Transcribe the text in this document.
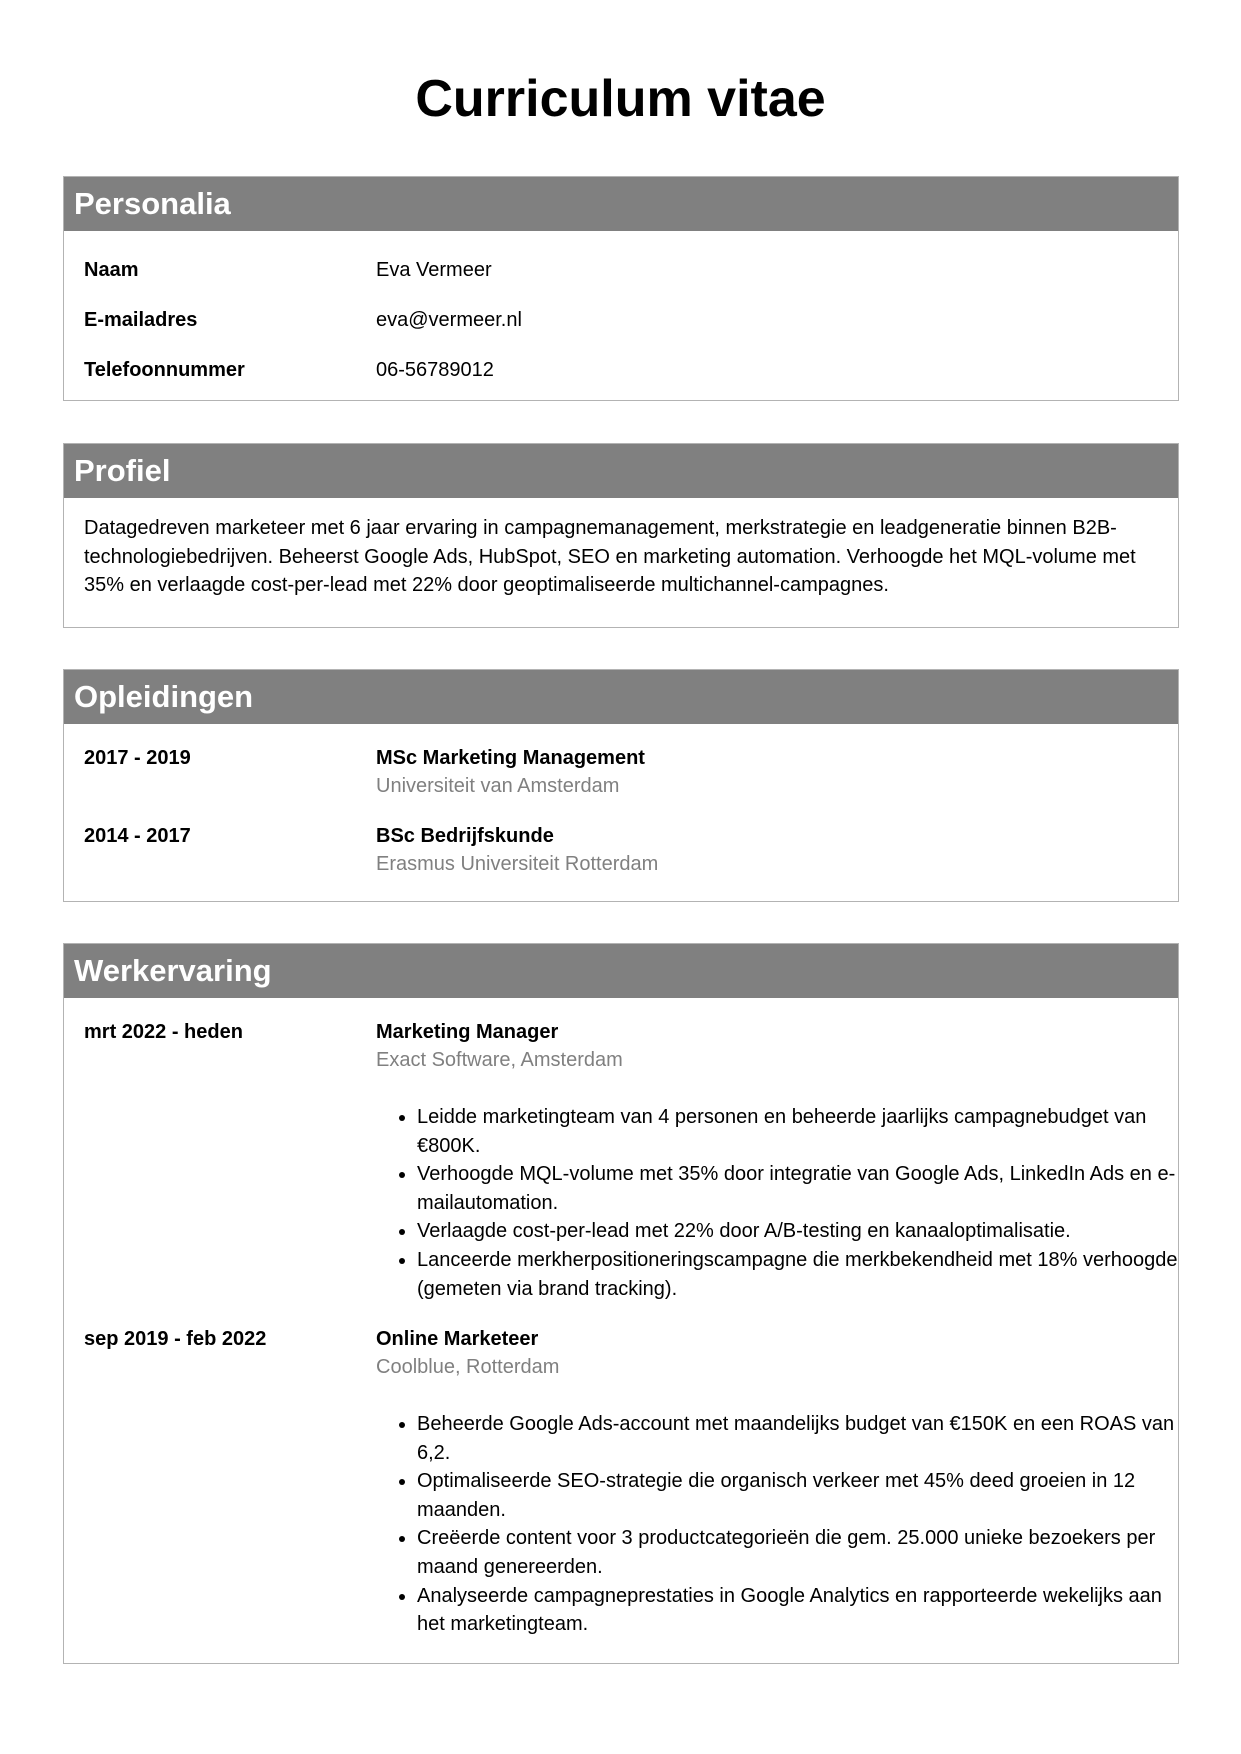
Curriculum vitae
Personalia
Naam	Eva Vermeer
E-mailadres	eva@vermeer.nl
Telefoonnummer	06-56789012
Profiel

Datagedreven marketeer met 6 jaar ervaring in campagnemanagement, merkstrategie en leadgeneratie binnen B2B-technologiebedrijven. Beheerst Google Ads, HubSpot, SEO en marketing automation. Verhoogde het MQL-volume met 35% en verlaagde cost-per-lead met 22% door geoptimaliseerde multichannel-campagnes.

Opleidingen
2017 - 2019	MSc Marketing Management
Universiteit van Amsterdam
2014 - 2017	BSc Bedrijfskunde
Erasmus Universiteit Rotterdam
Werkervaring
mrt 2022 - heden	Marketing Manager
Exact Software, Amsterdam
• Leidde marketingteam van 4 personen en beheerde jaarlijks campagnebudget van €800K.
• Verhoogde MQL-volume met 35% door integratie van Google Ads, LinkedIn Ads en e-mailautomation.
• Verlaagde cost-per-lead met 22% door A/B-testing en kanaaloptimalisatie.
• Lanceerde merkherpositioneringscampagne die merkbekendheid met 18% verhoogde (gemeten via brand tracking).
sep 2019 - feb 2022	Online Marketeer
Coolblue, Rotterdam
• Beheerde Google Ads-account met maandelijks budget van €150K en een ROAS van 6,2.
• Optimaliseerde SEO-strategie die organisch verkeer met 45% deed groeien in 12 maanden.
• Creëerde content voor 3 productcategorieën die gem. 25.000 unieke bezoekers per maand genereerden.
• Analyseerde campagneprestaties in Google Analytics en rapporteerde wekelijks aan het marketingteam.
